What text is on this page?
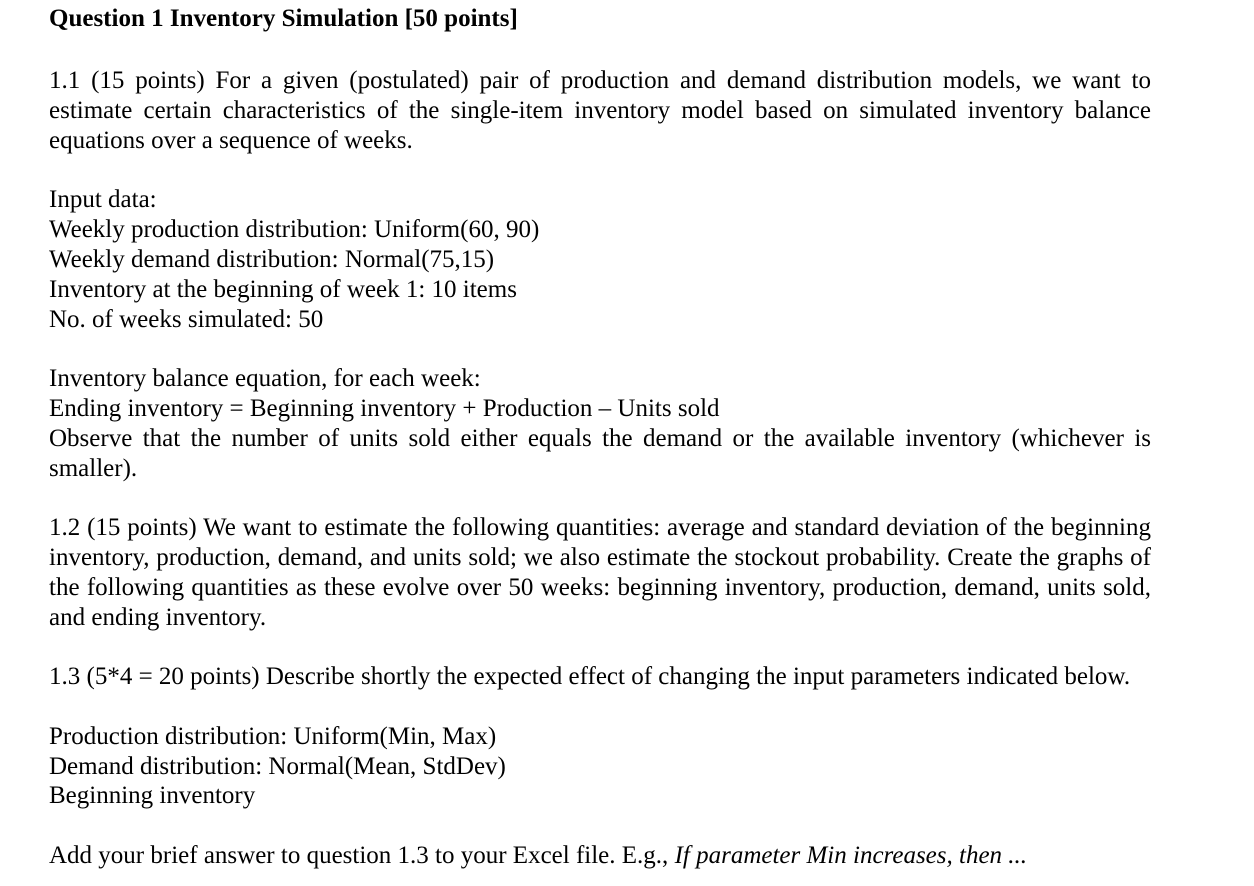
Question 1 Inventory Simulation [50 points]

1.1 (15 points) For a given (postulated) pair of production and demand distribution models, we want to estimate certain characteristics of the single-item inventory model based on simulated inventory balance equations over a sequence of weeks.

Input data:
Weekly production distribution: Uniform(60, 90)
Weekly demand distribution: Normal(75,15)
Inventory at the beginning of week 1: 10 items
No. of weeks simulated: 50
Inventory balance equation, for each week:
Ending inventory = Beginning inventory + Production – Units sold

Observe that the number of units sold either equals the demand or the available inventory (whichever is smaller).

1.2 (15 points) We want to estimate the following quantities: average and standard deviation of the beginning inventory, production, demand, and units sold; we also estimate the stockout probability. Create the graphs of the following quantities as these evolve over 50 weeks: beginning inventory, production, demand, units sold, and ending inventory.

1.3 (5*4 = 20 points) Describe shortly the expected effect of changing the input parameters indicated below.

Production distribution: Uniform(Min, Max)
Demand distribution: Normal(Mean, StdDev)
Beginning inventory

Add your brief answer to question 1.3 to your Excel file. E.g., If parameter Min increases, then ...
